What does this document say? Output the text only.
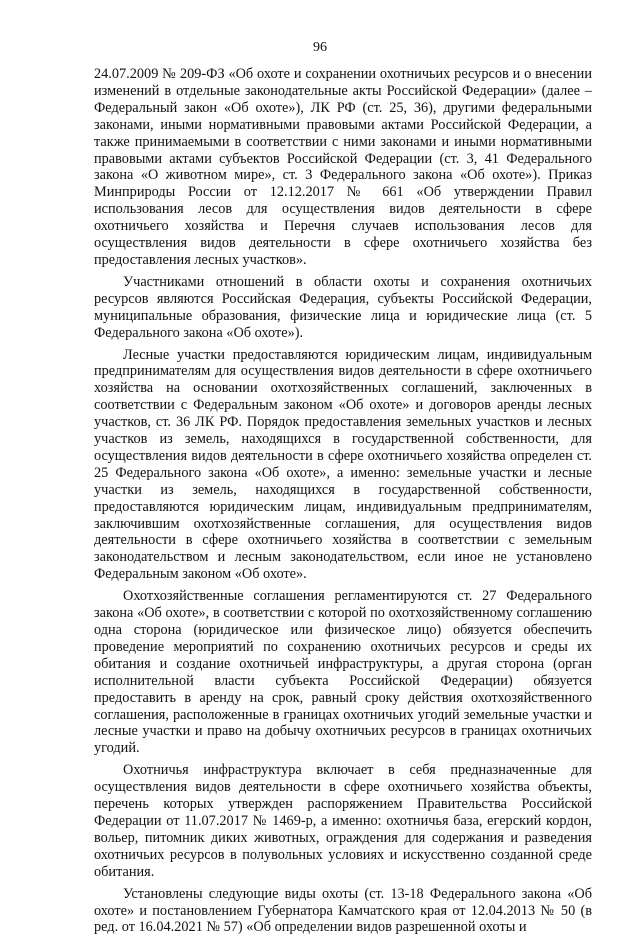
96

24.07.2009 № 209-ФЗ «Об охоте и сохранении охотничьих ресурсов и о внесении изменений в отдельные законодательные акты Российской Федерации» (далее – Федеральный закон «Об охоте»), ЛК РФ (ст. 25, 36), другими федеральными законами, иными нормативными правовыми актами Российской Федерации, а также принимаемыми в соответствии с ними законами и иными нормативными правовыми актами субъектов Российской Федерации (ст. 3, 41 Федерального закона «О животном мире», ст. 3 Федерального закона «Об охоте»). Приказ Минприроды России от 12.12.2017 № 661 «Об утверждении Правил использования лесов для осуществления видов деятельности в сфере охотничьего хозяйства и Перечня случаев использования лесов для осуществления видов деятельности в сфере охотничьего хозяйства без предоставления лесных участков».

Участниками отношений в области охоты и сохранения охотничьих ресурсов являются Российская Федерация, субъекты Российской Федерации, муниципальные образования, физические лица и юридические лица (ст. 5 Федерального закона «Об охоте»).

Лесные участки предоставляются юридическим лицам, индивидуальным предпринимателям для осуществления видов деятельности в сфере охотничьего хозяйства на основании охотхозяйственных соглашений, заключенных в соответствии с Федеральным законом «Об охоте» и договоров аренды лесных участков, ст. 36 ЛК РФ. Порядок предоставления земельных участков и лесных участков из земель, находящихся в государственной собственности, для осуществления видов деятельности в сфере охотничьего хозяйства определен ст. 25 Федерального закона «Об охоте», а именно: земельные участки и лесные участки из земель, находящихся в государственной собственности, предоставляются юридическим лицам, индивидуальным предпринимателям, заключившим охотхозяйственные соглашения, для осуществления видов деятельности в сфере охотничьего хозяйства в соответствии с земельным законодательством и лесным законодательством, если иное не установлено Федеральным законом «Об охоте».

Охотхозяйственные соглашения регламентируются ст. 27 Федерального закона «Об охоте», в соответствии с которой по охотхозяйственному соглашению одна сторона (юридическое или физическое лицо) обязуется обеспечить проведение мероприятий по сохранению охотничьих ресурсов и среды их обитания и создание охотничьей инфраструктуры, а другая сторона (орган исполнительной власти субъекта Российской Федерации) обязуется предоставить в аренду на срок, равный сроку действия охотхозяйственного соглашения, расположенные в границах охотничьих угодий земельные участки и лесные участки и право на добычу охотничьих ресурсов в границах охотничьих угодий.

Охотничья инфраструктура включает в себя предназначенные для осуществления видов деятельности в сфере охотничьего хозяйства объекты, перечень которых утвержден распоряжением Правительства Российской Федерации от 11.07.2017 № 1469-р, а именно: охотничья база, егерский кордон, вольер, питомник диких животных, ограждения для содержания и разведения охотничьих ресурсов в полувольных условиях и искусственно созданной среде обитания.

Установлены следующие виды охоты (ст. 13-18 Федерального закона «Об охоте» и постановлением Губернатора Камчатского края от 12.04.2013 № 50 (в ред. от 16.04.2021 № 57) «Об определении видов разрешенной охоты и
